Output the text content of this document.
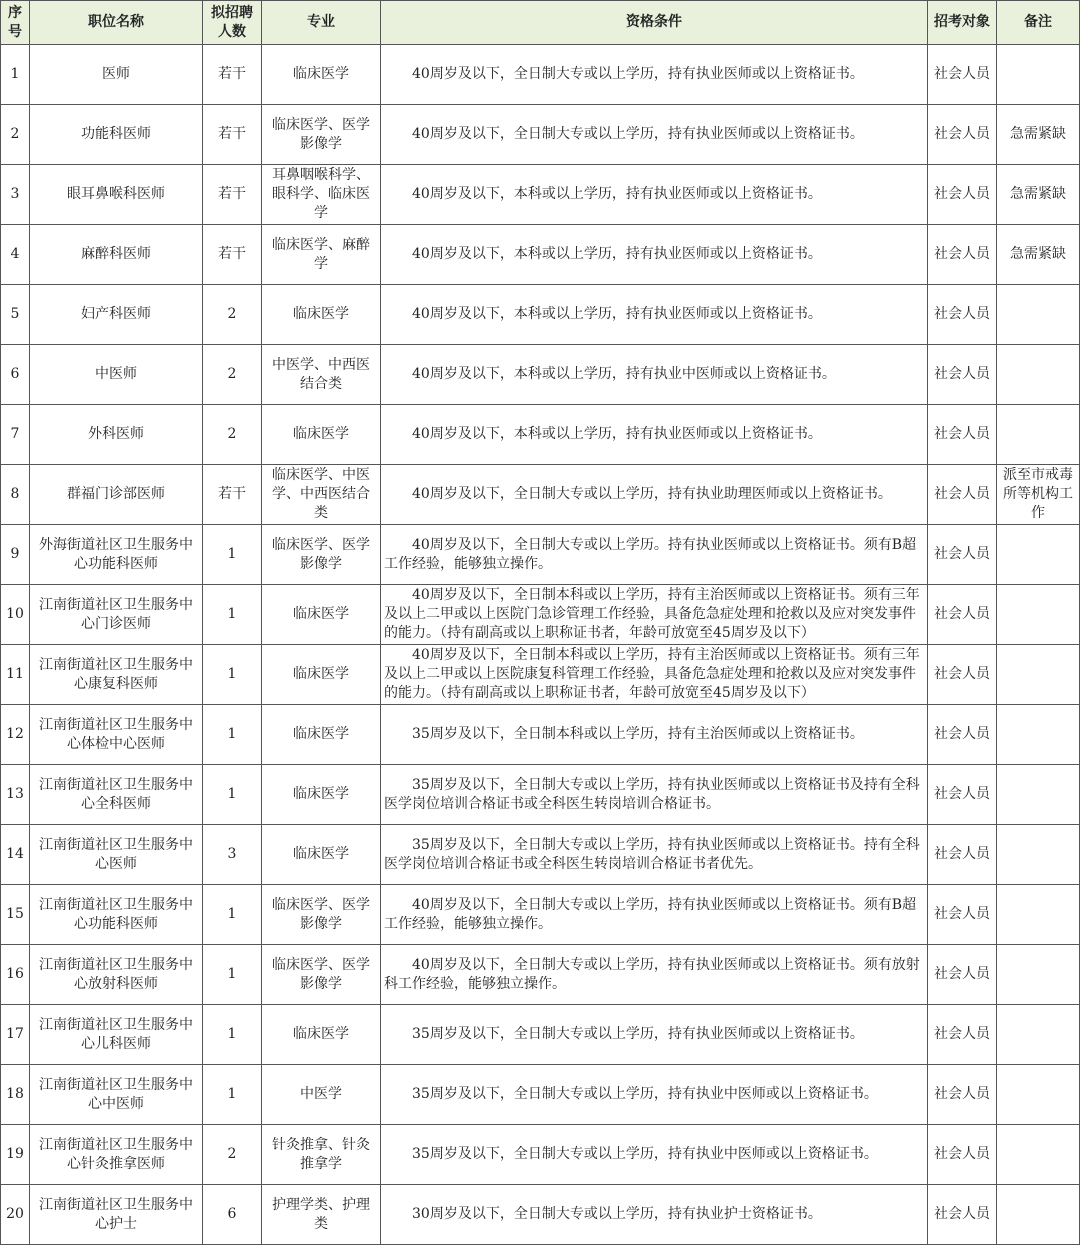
序号	职位名称	拟招聘人数	专业	资格条件	招考对象	备注
1	医师	若干	临床医学	40周岁及以下，全日制大专或以上学历，持有执业医师或以上资格证书。	社会人员	
2	功能科医师	若干	临床医学、医学影像学	40周岁及以下，全日制大专或以上学历，持有执业医师或以上资格证书。	社会人员	急需紧缺
3	眼耳鼻喉科医师	若干	耳鼻咽喉科学、眼科学、临床医学	40周岁及以下，本科或以上学历，持有执业医师或以上资格证书。	社会人员	急需紧缺
4	麻醉科医师	若干	临床医学、麻醉学	40周岁及以下，本科或以上学历，持有执业医师或以上资格证书。	社会人员	急需紧缺
5	妇产科医师	2	临床医学	40周岁及以下，本科或以上学历，持有执业医师或以上资格证书。	社会人员	
6	中医师	2	中医学、中西医结合类	40周岁及以下，本科或以上学历，持有执业中医师或以上资格证书。	社会人员	
7	外科医师	2	临床医学	40周岁及以下，本科或以上学历，持有执业医师或以上资格证书。	社会人员	
8	群福门诊部医师	若干	临床医学、中医学、中西医结合类	40周岁及以下，全日制大专或以上学历，持有执业助理医师或以上资格证书。	社会人员	派至市戒毒所等机构工作
9	外海街道社区卫生服务中心功能科医师	1	临床医学、医学影像学	40周岁及以下，全日制大专或以上学历。持有执业医师或以上资格证书。须有B超工作经验，能够独立操作。	社会人员	
10	江南街道社区卫生服务中心门诊医师	1	临床医学	40周岁及以下，全日制本科或以上学历，持有主治医师或以上资格证书。须有三年及以上二甲或以上医院门急诊管理工作经验，具备危急症处理和抢救以及应对突发事件的能力。（持有副高或以上职称证书者，年龄可放宽至45周岁及以下）	社会人员	
11	江南街道社区卫生服务中心康复科医师	1	临床医学	40周岁及以下，全日制本科或以上学历，持有主治医师或以上资格证书。须有三年及以上二甲或以上医院康复科管理工作经验，具备危急症处理和抢救以及应对突发事件的能力。（持有副高或以上职称证书者，年龄可放宽至45周岁及以下）	社会人员	
12	江南街道社区卫生服务中心体检中心医师	1	临床医学	35周岁及以下，全日制本科或以上学历，持有主治医师或以上资格证书。	社会人员	
13	江南街道社区卫生服务中心全科医师	1	临床医学	35周岁及以下，全日制大专或以上学历，持有执业医师或以上资格证书及持有全科医学岗位培训合格证书或全科医生转岗培训合格证书。	社会人员	
14	江南街道社区卫生服务中心医师	3	临床医学	35周岁及以下，全日制大专或以上学历，持有执业医师或以上资格证书。持有全科医学岗位培训合格证书或全科医生转岗培训合格证书者优先。	社会人员	
15	江南街道社区卫生服务中心功能科医师	1	临床医学、医学影像学	40周岁及以下，全日制大专或以上学历，持有执业医师或以上资格证书。须有B超工作经验，能够独立操作。	社会人员	
16	江南街道社区卫生服务中心放射科医师	1	临床医学、医学影像学	40周岁及以下，全日制大专或以上学历，持有执业医师或以上资格证书。须有放射科工作经验，能够独立操作。	社会人员	
17	江南街道社区卫生服务中心儿科医师	1	临床医学	35周岁及以下，全日制大专或以上学历，持有执业医师或以上资格证书。	社会人员	
18	江南街道社区卫生服务中心中医师	1	中医学	35周岁及以下，全日制大专或以上学历，持有执业中医师或以上资格证书。	社会人员	
19	江南街道社区卫生服务中心针灸推拿医师	2	针灸推拿、针灸推拿学	35周岁及以下，全日制大专或以上学历，持有执业中医师或以上资格证书。	社会人员	
20	江南街道社区卫生服务中心护士	6	护理学类、护理类	30周岁及以下，全日制大专或以上学历，持有执业护士资格证书。	社会人员	
